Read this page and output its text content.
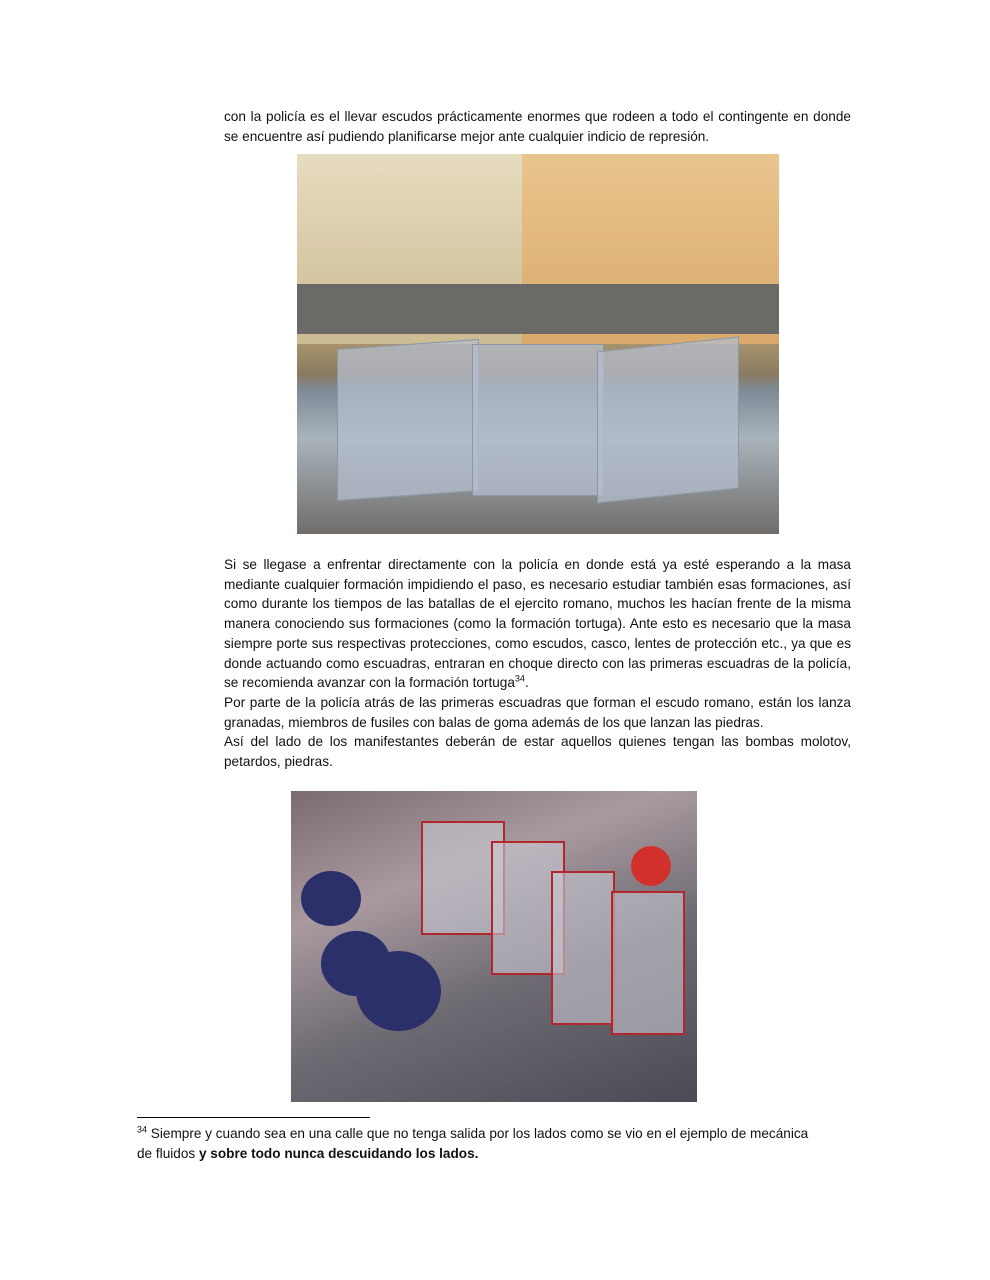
con la policía es el llevar escudos prácticamente enormes que rodeen a todo el contingente en donde se encuentre así pudiendo planificarse mejor ante cualquier indicio de represión.

Si se llegase a enfrentar directamente con la policía en donde está ya esté esperando a la masa mediante cualquier formación impidiendo el paso, es necesario estudiar también esas formaciones, así como durante los tiempos de las batallas de el ejercito romano, muchos les hacían frente de la misma manera conociendo sus formaciones (como la formación tortuga). Ante esto es necesario que la masa siempre porte sus respectivas protecciones, como escudos, casco, lentes de protección etc., ya que es donde actuando como escuadras, entraran en choque directo con las primeras escuadras de la policía, se recomienda avanzar con la formación tortuga$^{34}$.

Por parte de la policía atrás de las primeras escuadras que forman el escudo romano, están los lanza granadas, miembros de fusiles con balas de goma además de los que lanzan las piedras.

Así del lado de los manifestantes deberán de estar aquellos quienes tengan las bombas molotov, petardos, piedras.

$^{34}$ Siempre y cuando sea en una calle que no tenga salida por los lados como se vio en el ejemplo de mecánica de fluidos y sobre todo nunca descuidando los lados.
